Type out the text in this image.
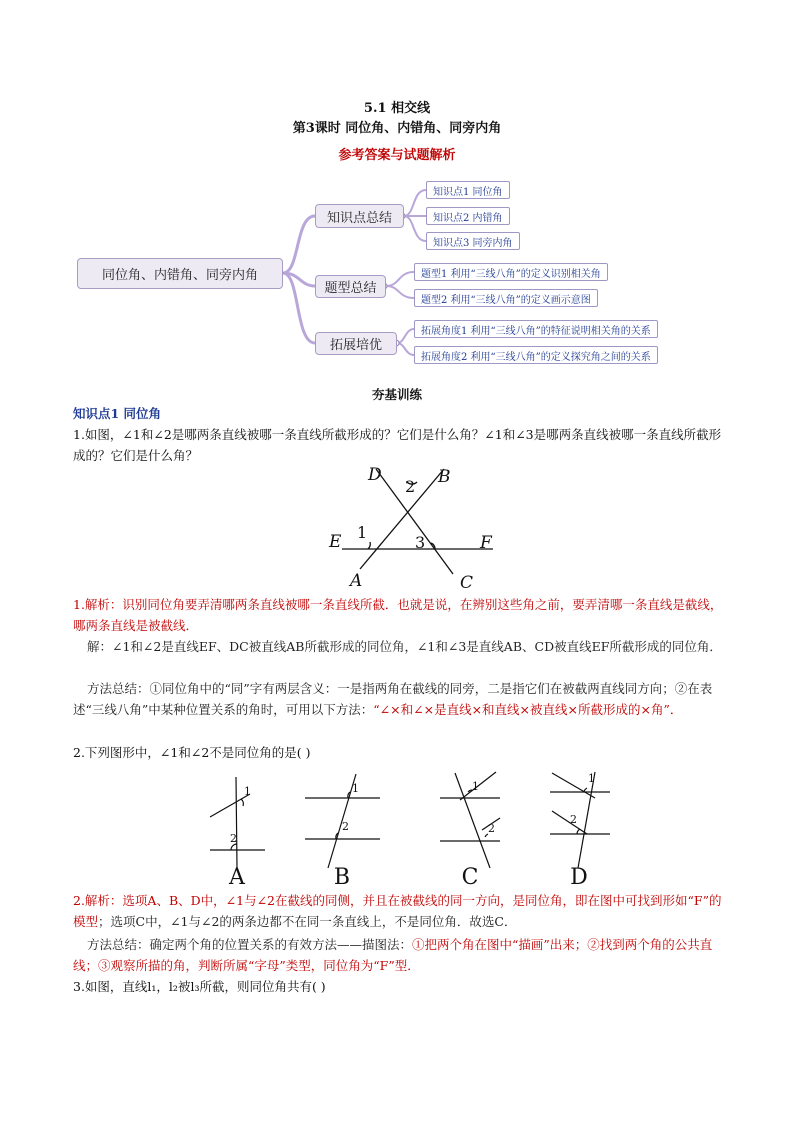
5.1 相交线
第3课时 同位角、内错角、同旁内角
参考答案与试题解析
同位角、内错角、同旁内角
知识点总结
题型总结
拓展培优
知识点1 同位角
知识点2 内错角
知识点3 同旁内角
题型1 利用“三线八角”的定义识别相关角
题型2 利用“三线八角”的定义画示意图
拓展角度1 利用“三线八角”的特征说明相关角的关系
拓展角度2 利用“三线八角”的定义探究角之间的关系
夯基训练
知识点1 同位角
1.如图，∠1和∠2是哪两条直线被哪一条直线所截形成的？它们是什么角？∠1和∠3是哪两条直线被哪一条直线所截形成的？它们是什么角？
D	B
E	F
A	C
2
1
3
1.解析：识别同位角要弄清哪两条直线被哪一条直线所截．也就是说，在辨别这些角之前，要弄清哪一条直线是截线，哪两条直线是被截线．
解：∠1和∠2是直线EF、DC被直线AB所截形成的同位角，∠1和∠3是直线AB、CD被直线EF所截形成的同位角．
方法总结：①同位角中的“同”字有两层含义：一是指两角在截线的同旁，二是指它们在被截两直线同方向；②在表述“三线八角”中某种位置关系的角时，可用以下方法：“∠×和∠×是直线×和直线×被直线×所截形成的×角”．
2.下列图形中，∠1和∠2不是同位角的是( )
1
2
1
2
1
2
1
2
A	B	C	D
2.解析：选项A、B、D中，∠1与∠2在截线的同侧，并且在被截线的同一方向，是同位角，即在图中可找到形如“F”的模型；选项C中，∠1与∠2的两条边都不在同一条直线上，不是同位角．故选C．
方法总结：确定两个角的位置关系的有效方法——描图法：①把两个角在图中“描画”出来；②找到两个角的公共直线；③观察所描的角，判断所属“字母”类型，同位角为“F”型．
3.如图，直线l₁，l₂被l₃所截，则同位角共有( )
